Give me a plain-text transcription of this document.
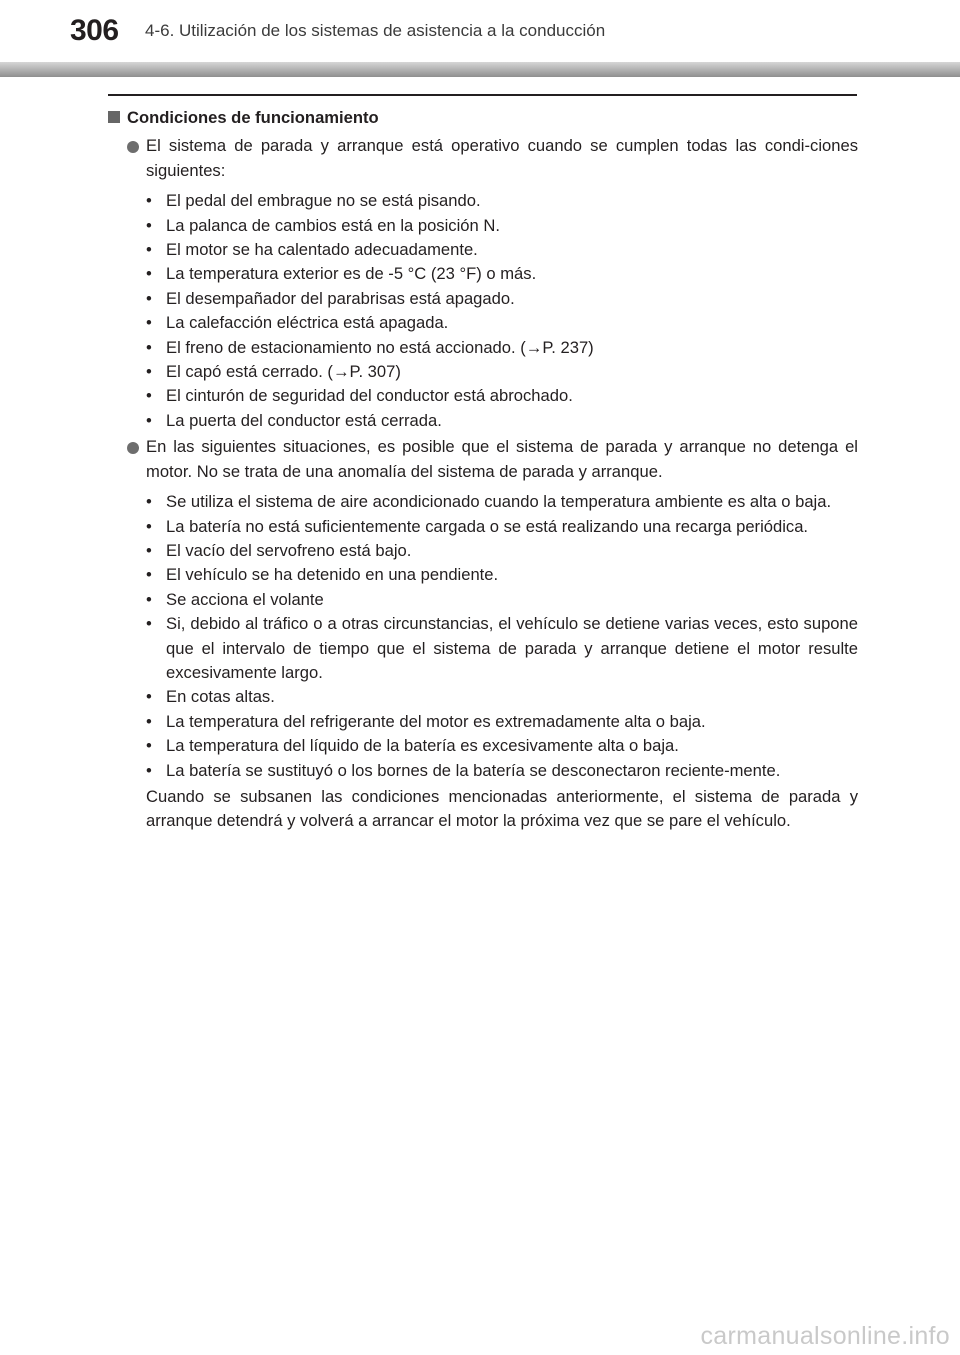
306 4-6. Utilización de los sistemas de asistencia a la conducción

Condiciones de funcionamiento

El sistema de parada y arranque está operativo cuando se cumplen todas las condi-ciones siguientes:

• El pedal del embrague no se está pisando.
• La palanca de cambios está en la posición N.
• El motor se ha calentado adecuadamente.
• La temperatura exterior es de -5 °C (23 °F) o más.
• El desempañador del parabrisas está apagado.
• La calefacción eléctrica está apagada.
• El freno de estacionamiento no está accionado. (→P. 237)
• El capó está cerrado. (→P. 307)
• El cinturón de seguridad del conductor está abrochado.
• La puerta del conductor está cerrada.

En las siguientes situaciones, es posible que el sistema de parada y arranque no detenga el motor. No se trata de una anomalía del sistema de parada y arranque.

• Se utiliza el sistema de aire acondicionado cuando la temperatura ambiente es alta o baja.
• La batería no está suficientemente cargada o se está realizando una recarga periódica.
• El vacío del servofreno está bajo.
• El vehículo se ha detenido en una pendiente.
• Se acciona el volante
• Si, debido al tráfico o a otras circunstancias, el vehículo se detiene varias veces, esto supone que el intervalo de tiempo que el sistema de parada y arranque detiene el motor resulte excesivamente largo.
• En cotas altas.
• La temperatura del refrigerante del motor es extremadamente alta o baja.
• La temperatura del líquido de la batería es excesivamente alta o baja.
• La batería se sustituyó o los bornes de la batería se desconectaron reciente-mente.

Cuando se subsanen las condiciones mencionadas anteriormente, el sistema de parada y arranque detendrá y volverá a arrancar el motor la próxima vez que se pare el vehículo.

carmanualsonline.info
